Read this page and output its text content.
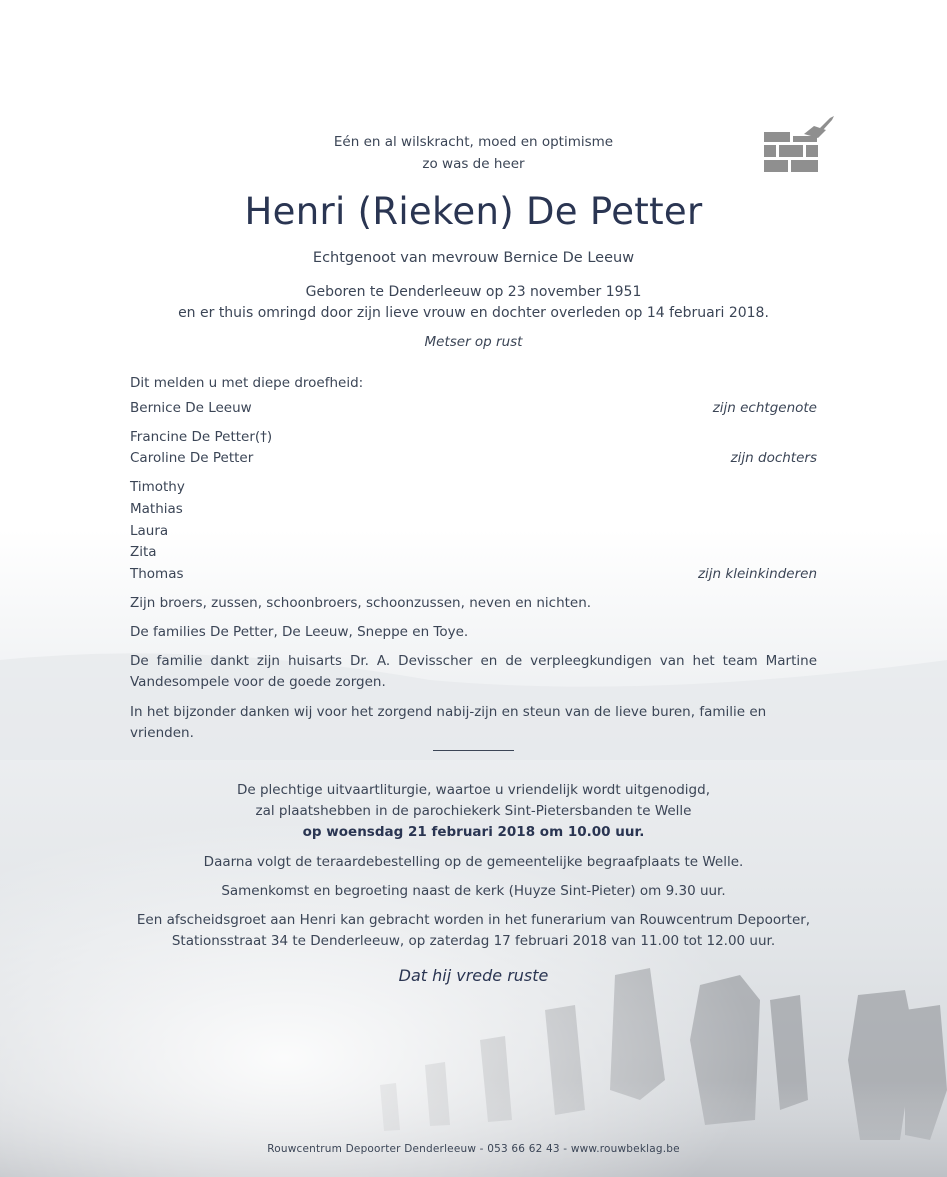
Eén en al wilskracht, moed en optimisme
zo was de heer
Henri (Rieken) De Petter
Echtgenoot van mevrouw Bernice De Leeuw
Geboren te Denderleeuw op 23 november 1951
en er thuis omringd door zijn lieve vrouw en dochter overleden op 14 februari 2018.
Metser op rust
Dit melden u met diepe droefheid:
Bernice De Leeuw	zijn echtgenote
Francine De Petter(†)
Caroline De Petter	zijn dochters
Timothy
Mathias
Laura
Zita
Thomas	zijn kleinkinderen
Zijn broers, zussen, schoonbroers, schoonzussen, neven en nichten.
De families De Petter, De Leeuw, Sneppe en Toye.
De familie dankt zijn huisarts Dr. A. Devisscher en de verpleegkundigen van het team Martine Vandesompele voor de goede zorgen.
In het bijzonder danken wij voor het zorgend nabij-zijn en steun van de lieve buren, familie en vrienden.
De plechtige uitvaartliturgie, waartoe u vriendelijk wordt uitgenodigd,
zal plaatshebben in de parochiekerk Sint-Pietersbanden te Welle
op woensdag 21 februari 2018 om 10.00 uur.
Daarna volgt de teraardebestelling op de gemeentelijke begraafplaats te Welle.
Samenkomst en begroeting naast de kerk (Huyze Sint-Pieter) om 9.30 uur.
Een afscheidsgroet aan Henri kan gebracht worden in het funerarium van Rouwcentrum Depoorter,
Stationsstraat 34 te Denderleeuw, op zaterdag 17 februari 2018 van 11.00 tot 12.00 uur.
Dat hij vrede ruste
Rouwcentrum Depoorter Denderleeuw - 053 66 62 43 - www.rouwbeklag.be
